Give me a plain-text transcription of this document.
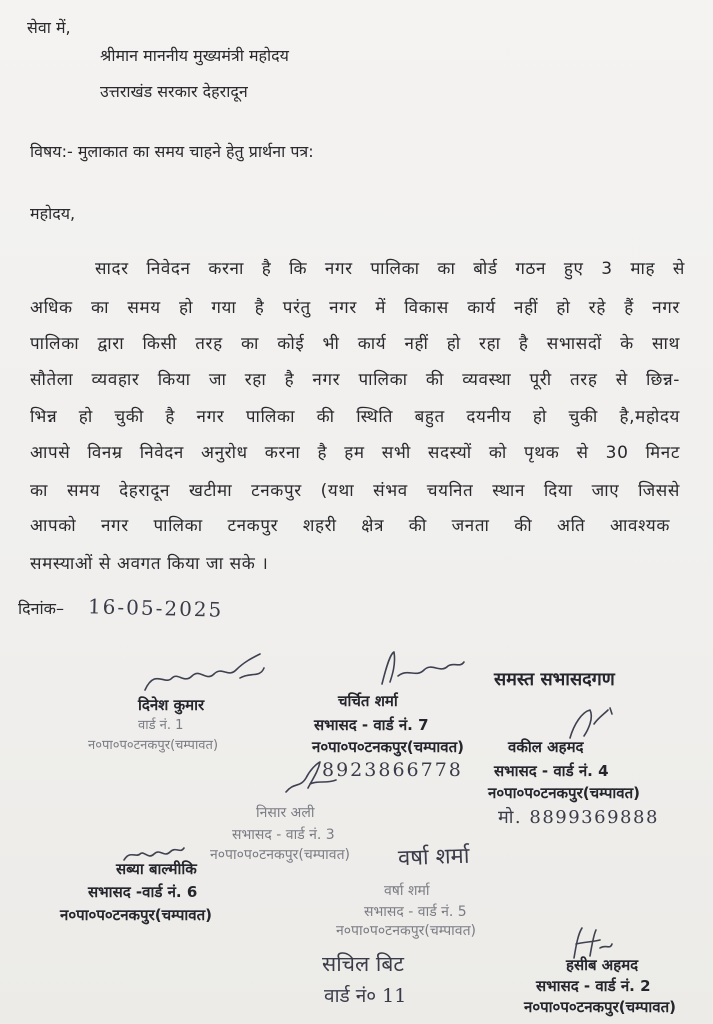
सेवा में,
श्रीमान माननीय मुख्यमंत्री महोदय
उत्तराखंड सरकार देहरादून
विषय:- मुलाकात का समय चाहने हेतु प्रार्थना पत्र:
महोदय,
सादर निवेदन करना है कि नगर पालिका का बोर्ड गठन हुए 3 माह से
अधिक का समय हो गया है परंतु नगर में विकास कार्य नहीं हो रहे हैं नगर
पालिका द्वारा किसी तरह का कोई भी कार्य नहीं हो रहा है सभासदों के साथ
सौतेला व्यवहार किया जा रहा है नगर पालिका की व्यवस्था पूरी तरह से छिन्न-
भिन्न हो चुकी है नगर पालिका की स्थिति बहुत दयनीय हो चुकी है,महोदय
आपसे विनम्र निवेदन अनुरोध करना है हम सभी सदस्यों को पृथक से 30 मिनट
का समय देहरादून खटीमा टनकपुर (यथा संभव चयनित स्थान दिया जाए जिससे
आपको नगर पालिका टनकपुर शहरी क्षेत्र की जनता की अति आवश्यक
समस्याओं से अवगत किया जा सके ।
दिनांक– 16-05-2025
समस्त सभासदगण
दिनेश कुमार
वार्ड नं. 1
न०पा०प०टनकपुर(चम्पावत)
चर्चित शर्मा
सभासद - वार्ड नं. 7
न०पा०प०टनकपुर(चम्पावत)
8923866778
वकील अहमद
सभासद - वार्ड नं. 4
न०पा०प०टनकपुर(चम्पावत)
मो. 8899369888
निसार अली
सभासद - वार्ड नं. 3
न०पा०प०टनकपुर(चम्पावत)
सब्या बाल्मीकि
सभासद -वार्ड नं. 6
न०पा०प०टनकपुर(चम्पावत)
वर्षा शर्मा
वर्षा शर्मा
सभासद - वार्ड नं. 5
न०पा०प०टनकपुर(चम्पावत)
सचिल बिट
वार्ड नं० 11
हसीब अहमद
सभासद - वार्ड नं. 2
न०पा०प०टनकपुर(चम्पावत)
